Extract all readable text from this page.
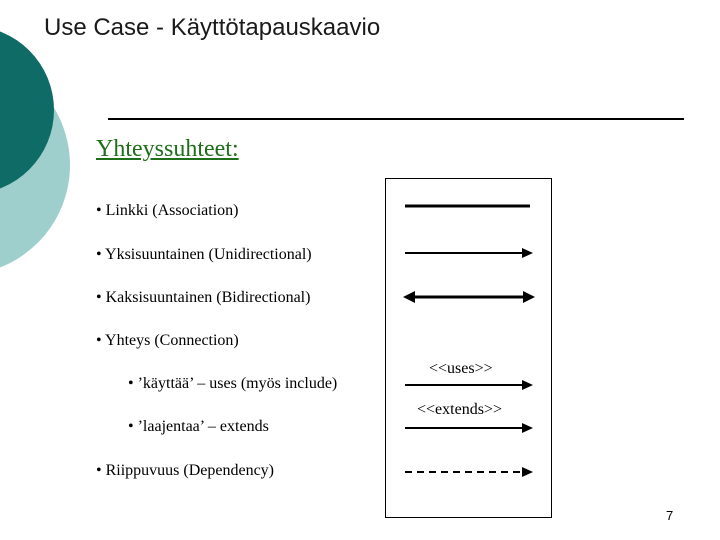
Use Case - Käyttötapauskaavio
Yhteyssuhteet:
• Linkki (Association)
• Yksisuuntainen (Unidirectional)
• Kaksisuuntainen (Bidirectional)
• Yhteys (Connection)
• ’käyttää’ – uses (myös include)
• ’laajentaa’ – extends
• Riippuvuus (Dependency)
<<uses>>
<<extends>>
7
